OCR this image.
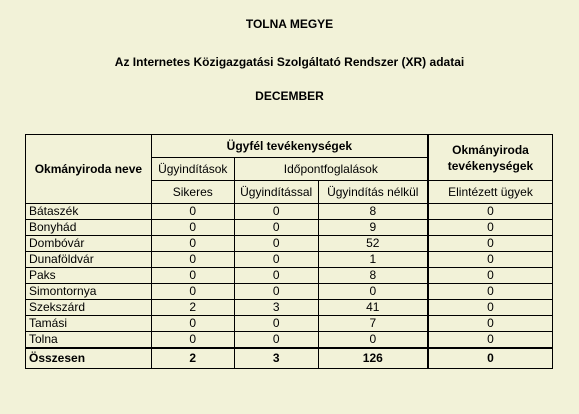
TOLNA MEGYE
Az Internetes Közigazgatási Szolgáltató Rendszer (XR) adatai
DECEMBER
Okmányiroda neve	Ügyfél tevékenységek			Okmányiroda tevékenységek
	Ügyindítások	Időpontfoglalások		
	Sikeres	Ügyindítással	Ügyindítás nélkül	Elintézett ügyek
Bátaszék	0	0	8	0
Bonyhád	0	0	9	0
Dombóvár	0	0	52	0
Dunaföldvár	0	0	1	0
Paks	0	0	8	0
Simontornya	0	0	0	0
Szekszárd	2	3	41	0
Tamási	0	0	7	0
Tolna	0	0	0	0
Összesen	2	3	126	0
